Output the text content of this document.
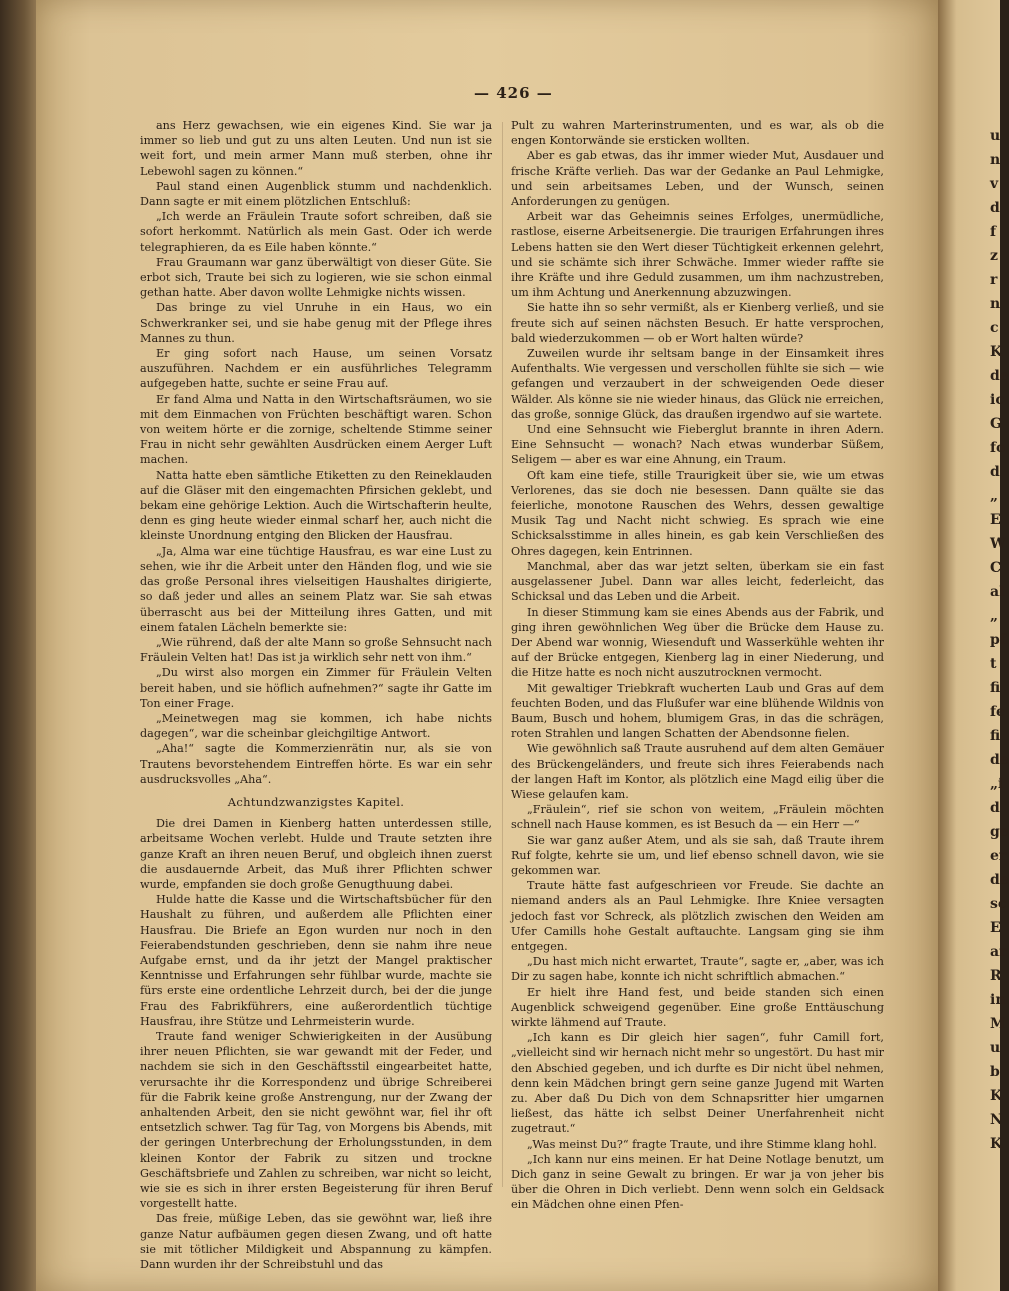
u
n
v
d
f
z
r
n
c
K
de
ic
G
fo
d
„
E
W
C
al
„
pf
t
fi
fe
fi
de
„i
d
ge
er
de
sc
E
ar
R
in
M
u
b
K
N
K
— 426 —

ans Herz gewachsen, wie ein eigenes Kind. Sie war ja immer so lieb und gut zu uns alten Leuten. Und nun ist sie weit fort, und mein armer Mann muß sterben, ohne ihr Lebewohl sagen zu können.“

Paul stand einen Augenblick stumm und nachdenklich. Dann sagte er mit einem plötzlichen Entschluß:

„Ich werde an Fräulein Traute sofort schreiben, daß sie sofort herkommt. Natürlich als mein Gast. Oder ich werde telegraphieren, da es Eile haben könnte.“

Frau Graumann war ganz überwältigt von dieser Güte. Sie erbot sich, Traute bei sich zu logieren, wie sie schon einmal gethan hatte. Aber davon wollte Lehmigke nichts wissen.

Das bringe zu viel Unruhe in ein Haus, wo ein Schwerkranker sei, und sie habe genug mit der Pflege ihres Mannes zu thun.

Er ging sofort nach Hause, um seinen Vorsatz auszuführen. Nachdem er ein ausführliches Telegramm aufgegeben hatte, suchte er seine Frau auf.

Er fand Alma und Natta in den Wirtschaftsräumen, wo sie mit dem Einmachen von Früchten beschäftigt waren. Schon von weitem hörte er die zornige, scheltende Stimme seiner Frau in nicht sehr gewählten Ausdrücken einem Aerger Luft machen.

Natta hatte eben sämtliche Etiketten zu den Reineklauden auf die Gläser mit den eingemachten Pfirsichen geklebt, und bekam eine gehörige Lektion. Auch die Wirtschafterin heulte, denn es ging heute wieder einmal scharf her, auch nicht die kleinste Unordnung entging den Blicken der Hausfrau.

„Ja, Alma war eine tüchtige Hausfrau, es war eine Lust zu sehen, wie ihr die Arbeit unter den Händen flog, und wie sie das große Personal ihres vielseitigen Haushaltes dirigierte, so daß jeder und alles an seinem Platz war. Sie sah etwas überrascht aus bei der Mitteilung ihres Gatten, und mit einem fatalen Lächeln bemerkte sie:

„Wie rührend, daß der alte Mann so große Sehnsucht nach Fräulein Velten hat! Das ist ja wirklich sehr nett von ihm.“

„Du wirst also morgen ein Zimmer für Fräulein Velten bereit haben, und sie höflich aufnehmen?“ sagte ihr Gatte im Ton einer Frage.

„Meinetwegen mag sie kommen, ich habe nichts dagegen“, war die scheinbar gleichgiltige Antwort.

„Aha!“ sagte die Kommerzienrätin nur, als sie von Trautens bevorstehendem Eintreffen hörte. Es war ein sehr ausdrucksvolles „Aha“.

Achtundzwanzigstes Kapitel.

Die drei Damen in Kienberg hatten unterdessen stille, arbeitsame Wochen verlebt. Hulde und Traute setzten ihre ganze Kraft an ihren neuen Beruf, und obgleich ihnen zuerst die ausdauernde Arbeit, das Muß ihrer Pflichten schwer wurde, empfanden sie doch große Genugthuung dabei.

Hulde hatte die Kasse und die Wirtschaftsbücher für den Haushalt zu führen, und außerdem alle Pflichten einer Hausfrau. Die Briefe an Egon wurden nur noch in den Feierabendstunden geschrieben, denn sie nahm ihre neue Aufgabe ernst, und da ihr jetzt der Mangel praktischer Kenntnisse und Erfahrungen sehr fühlbar wurde, machte sie fürs erste eine ordentliche Lehrzeit durch, bei der die junge Frau des Fabrikführers, eine außerordentlich tüchtige Hausfrau, ihre Stütze und Lehrmeisterin wurde.

Traute fand weniger Schwierigkeiten in der Ausübung ihrer neuen Pflichten, sie war gewandt mit der Feder, und nachdem sie sich in den Geschäftsstil eingearbeitet hatte, verursachte ihr die Korrespondenz und übrige Schreiberei für die Fabrik keine große Anstrengung, nur der Zwang der anhaltenden Arbeit, den sie nicht gewöhnt war, fiel ihr oft entsetzlich schwer. Tag für Tag, von Morgens bis Abends, mit der geringen Unterbrechung der Erholungsstunden, in dem kleinen Kontor der Fabrik zu sitzen und trockne Geschäftsbriefe und Zahlen zu schreiben, war nicht so leicht, wie sie es sich in ihrer ersten Begeisterung für ihren Beruf vorgestellt hatte.

Das freie, müßige Leben, das sie gewöhnt war, ließ ihre ganze Natur aufbäumen gegen diesen Zwang, und oft hatte sie mit tötlicher Mildigkeit und Abspannung zu kämpfen. Dann wurden ihr der Schreibstuhl und das

Pult zu wahren Marterinstrumenten, und es war, als ob die engen Kontorwände sie ersticken wollten.

Aber es gab etwas, das ihr immer wieder Mut, Ausdauer und frische Kräfte verlieh. Das war der Gedanke an Paul Lehmigke, und sein arbeitsames Leben, und der Wunsch, seinen Anforderungen zu genügen.

Arbeit war das Geheimnis seines Erfolges, unermüdliche, rastlose, eiserne Arbeitsenergie. Die traurigen Erfahrungen ihres Lebens hatten sie den Wert dieser Tüchtigkeit erkennen gelehrt, und sie schämte sich ihrer Schwäche. Immer wieder raffte sie ihre Kräfte und ihre Geduld zusammen, um ihm nachzustreben, um ihm Achtung und Anerkennung abzuzwingen.

Sie hatte ihn so sehr vermißt, als er Kienberg verließ, und sie freute sich auf seinen nächsten Besuch. Er hatte versprochen, bald wiederzukommen — ob er Wort halten würde?

Zuweilen wurde ihr seltsam bange in der Einsamkeit ihres Aufenthalts. Wie vergessen und verschollen fühlte sie sich — wie gefangen und verzaubert in der schweigenden Oede dieser Wälder. Als könne sie nie wieder hinaus, das Glück nie erreichen, das große, sonnige Glück, das draußen irgendwo auf sie wartete.

Und eine Sehnsucht wie Fieberglut brannte in ihren Adern. Eine Sehnsucht — wonach? Nach etwas wunderbar Süßem, Seligem — aber es war eine Ahnung, ein Traum.

Oft kam eine tiefe, stille Traurigkeit über sie, wie um etwas Verlorenes, das sie doch nie besessen. Dann quälte sie das feierliche, monotone Rauschen des Wehrs, dessen gewaltige Musik Tag und Nacht nicht schwieg. Es sprach wie eine Schicksalsstimme in alles hinein, es gab kein Verschließen des Ohres dagegen, kein Entrinnen.

Manchmal, aber das war jetzt selten, überkam sie ein fast ausgelassener Jubel. Dann war alles leicht, federleicht, das Schicksal und das Leben und die Arbeit.

In dieser Stimmung kam sie eines Abends aus der Fabrik, und ging ihren gewöhnlichen Weg über die Brücke dem Hause zu. Der Abend war wonnig, Wiesenduft und Wasserkühle wehten ihr auf der Brücke entgegen, Kienberg lag in einer Niederung, und die Hitze hatte es noch nicht auszutrocknen vermocht.

Mit gewaltiger Triebkraft wucherten Laub und Gras auf dem feuchten Boden, und das Flußufer war eine blühende Wildnis von Baum, Busch und hohem, blumigem Gras, in das die schrägen, roten Strahlen und langen Schatten der Abendsonne fielen.

Wie gewöhnlich saß Traute ausruhend auf dem alten Gemäuer des Brückengeländers, und freute sich ihres Feierabends nach der langen Haft im Kontor, als plötzlich eine Magd eilig über die Wiese gelaufen kam.

„Fräulein“, rief sie schon von weitem, „Fräulein möchten schnell nach Hause kommen, es ist Besuch da — ein Herr —“

Sie war ganz außer Atem, und als sie sah, daß Traute ihrem Ruf folgte, kehrte sie um, und lief ebenso schnell davon, wie sie gekommen war.

Traute hätte fast aufgeschrieen vor Freude. Sie dachte an niemand anders als an Paul Lehmigke. Ihre Kniee versagten jedoch fast vor Schreck, als plötzlich zwischen den Weiden am Ufer Camills hohe Gestalt auftauchte. Langsam ging sie ihm entgegen.

„Du hast mich nicht erwartet, Traute“, sagte er, „aber, was ich Dir zu sagen habe, konnte ich nicht schriftlich abmachen.“

Er hielt ihre Hand fest, und beide standen sich einen Augenblick schweigend gegenüber. Eine große Enttäuschung wirkte lähmend auf Traute.

„Ich kann es Dir gleich hier sagen“, fuhr Camill fort, „vielleicht sind wir hernach nicht mehr so ungestört. Du hast mir den Abschied gegeben, und ich durfte es Dir nicht übel nehmen, denn kein Mädchen bringt gern seine ganze Jugend mit Warten zu. Aber daß Du Dich von dem Schnapsritter hier umgarnen ließest, das hätte ich selbst Deiner Unerfahrenheit nicht zugetraut.“

„Was meinst Du?“ fragte Traute, und ihre Stimme klang hohl.

„Ich kann nur eins meinen. Er hat Deine Notlage benutzt, um Dich ganz in seine Gewalt zu bringen. Er war ja von jeher bis über die Ohren in Dich verliebt. Denn wenn solch ein Geldsack ein Mädchen ohne einen Pfen-
